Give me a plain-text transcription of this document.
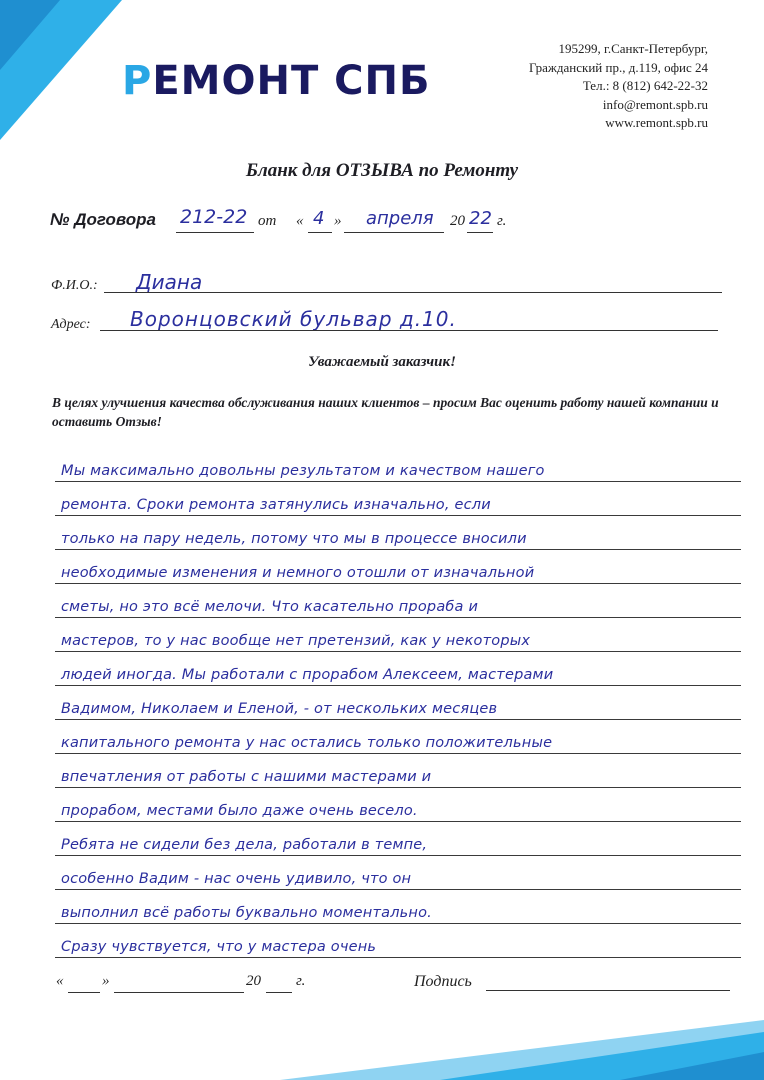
РЕМОНТ СПБ
195299, г.Санкт-Петербург,
Гражданский пр., д.119, офис 24
Тел.: 8 (812) 642-22-32
info@remont.spb.ru
www.remont.spb.ru
Бланк для ОТЗЫВА по Ремонту
№ Договора 212-22 от « 4 » апреля 20 22 г.
Ф.И.О.: Диана
Адрес: Воронцовский бульвар д.10.
Уважаемый заказчик!
В целях улучшения качества обслуживания наших клиентов – просим Вас оценить работу нашей компании и оставить Отзыв!
Мы максимально довольны результатом и качеством нашего
ремонта. Сроки ремонта затянулись изначально, если
только на пару недель, потому что мы в процессе вносили
необходимые изменения и немного отошли от изначальной
сметы, но это всё мелочи. Что касательно прораба и
мастеров, то у нас вообще нет претензий, как у некоторых
людей иногда. Мы работали с прорабом Алексеем, мастерами
Вадимом, Николаем и Еленой, - от нескольких месяцев
капитального ремонта у нас остались только положительные
впечатления от работы с нашими мастерами и
прорабом, местами было даже очень весело.
Ребята не сидели без дела, работали в темпе,
особенно Вадим - нас очень удивило, что он
выполнил всё работы буквально моментально.
Сразу чувствуется, что у мастера очень
«	»	20 г.	Подпись
